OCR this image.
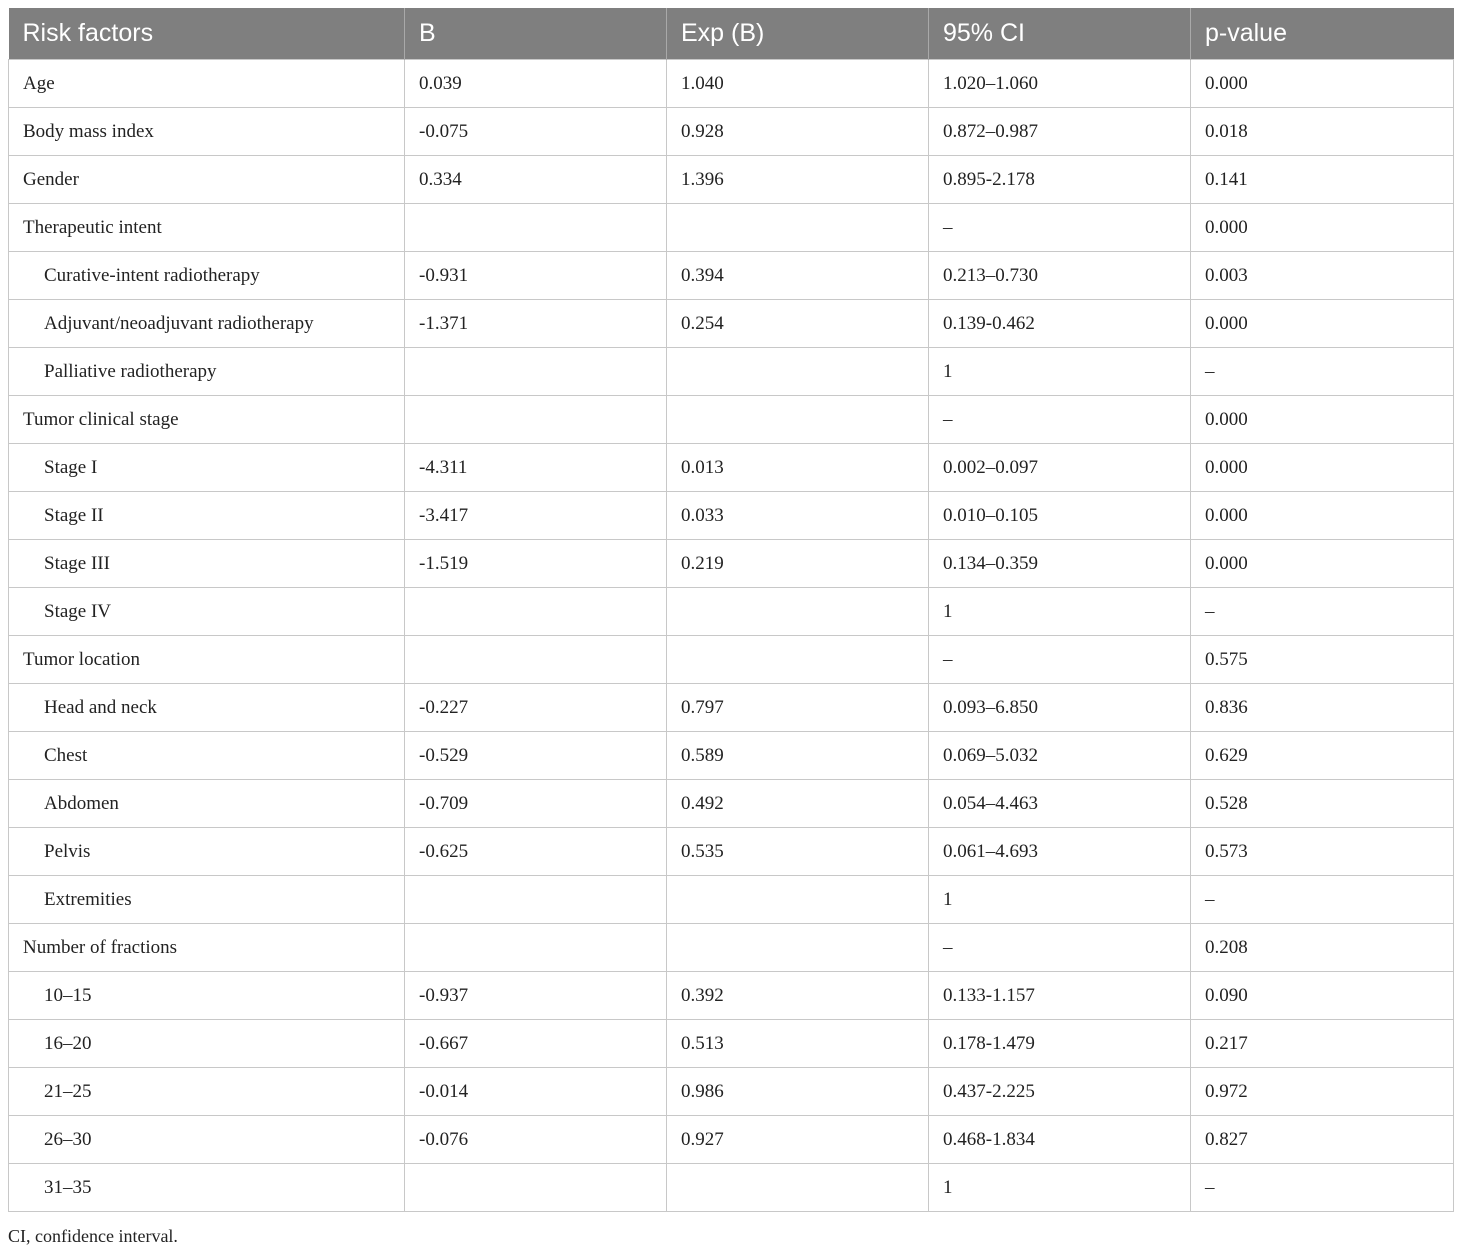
Risk factors	B	Exp (B)	95% CI	p-value
Age	0.039	1.040	1.020–1.060	0.000
Body mass index	-0.075	0.928	0.872–0.987	0.018
Gender	0.334	1.396	0.895-2.178	0.141
Therapeutic intent			–	0.000
Curative-intent radiotherapy	-0.931	0.394	0.213–0.730	0.003
Adjuvant/neoadjuvant radiotherapy	-1.371	0.254	0.139-0.462	0.000
Palliative radiotherapy			1	–
Tumor clinical stage			–	0.000
Stage I	-4.311	0.013	0.002–0.097	0.000
Stage II	-3.417	0.033	0.010–0.105	0.000
Stage III	-1.519	0.219	0.134–0.359	0.000
Stage IV			1	–
Tumor location			–	0.575
Head and neck	-0.227	0.797	0.093–6.850	0.836
Chest	-0.529	0.589	0.069–5.032	0.629
Abdomen	-0.709	0.492	0.054–4.463	0.528
Pelvis	-0.625	0.535	0.061–4.693	0.573
Extremities			1	–
Number of fractions			–	0.208
10–15	-0.937	0.392	0.133-1.157	0.090
16–20	-0.667	0.513	0.178-1.479	0.217
21–25	-0.014	0.986	0.437-2.225	0.972
26–30	-0.076	0.927	0.468-1.834	0.827
31–35			1	–
CI, confidence interval.
